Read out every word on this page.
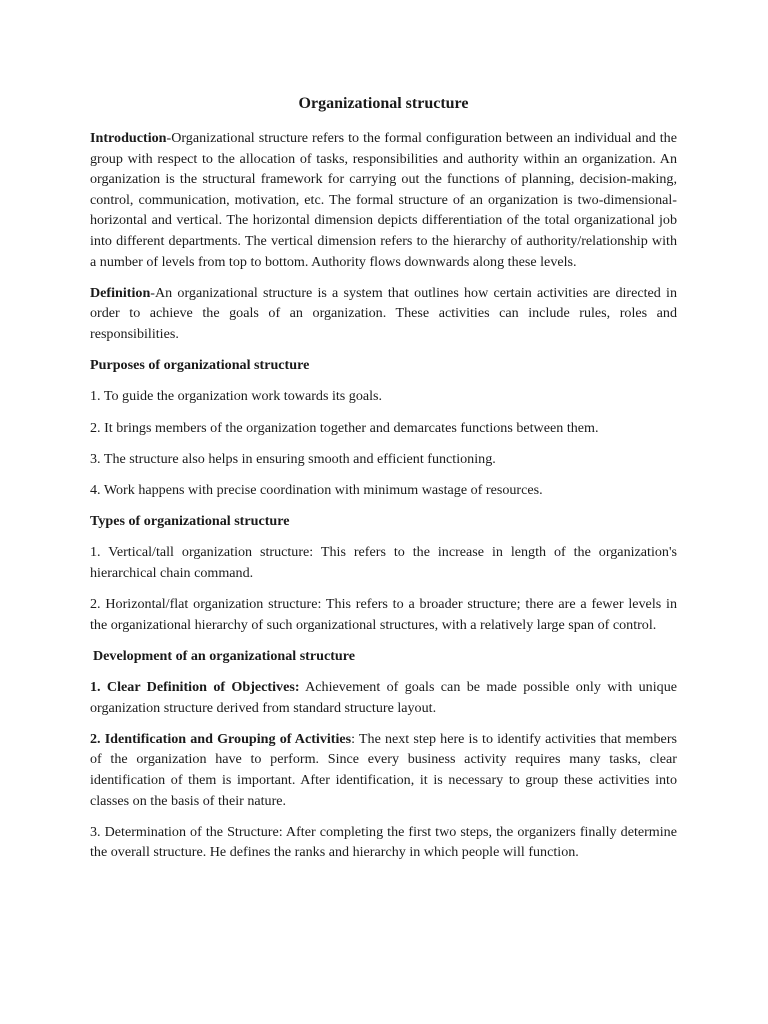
Organizational structure

Introduction-Organizational structure refers to the formal configuration between an individual and the group with respect to the allocation of tasks, responsibilities and authority within an organization. An organization is the structural framework for carrying out the functions of planning, decision-making, control, communication, motivation, etc. The formal structure of an organization is two-dimensional-horizontal and vertical. The horizontal dimension depicts differentiation of the total organizational job into different departments. The vertical dimension refers to the hierarchy of authority/relationship with a number of levels from top to bottom. Authority flows downwards along these levels.

Definition-An organizational structure is a system that outlines how certain activities are directed in order to achieve the goals of an organization. These activities can include rules, roles and responsibilities.

Purposes of organizational structure

1. To guide the organization work towards its goals.

2. It brings members of the organization together and demarcates functions between them.

3. The structure also helps in ensuring smooth and efficient functioning.

4. Work happens with precise coordination with minimum wastage of resources.

Types of organizational structure

1. Vertical/tall organization structure: This refers to the increase in length of the organization's hierarchical chain command.

2. Horizontal/flat organization structure: This refers to a broader structure; there are a fewer levels in the organizational hierarchy of such organizational structures, with a relatively large span of control.

Development of an organizational structure

1. Clear Definition of Objectives: Achievement of goals can be made possible only with unique organization structure derived from standard structure layout.

2. Identification and Grouping of Activities: The next step here is to identify activities that members of the organization have to perform. Since every business activity requires many tasks, clear identification of them is important. After identification, it is necessary to group these activities into classes on the basis of their nature.

3. Determination of the Structure: After completing the first two steps, the organizers finally determine the overall structure. He defines the ranks and hierarchy in which people will function.
